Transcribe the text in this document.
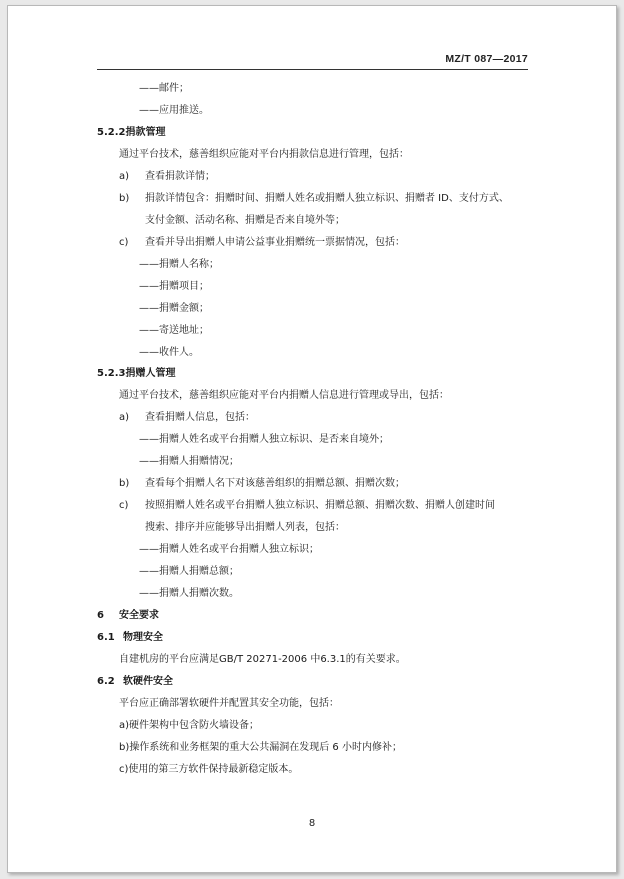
MZ/T 087—2017
——邮件；
——应用推送。
5.2.2捐款管理
通过平台技术，慈善组织应能对平台内捐款信息进行管理，包括：
a) 查看捐款详情；
b) 捐款详情包含：捐赠时间、捐赠人姓名或捐赠人独立标识、捐赠者 ID、支付方式、
支付金额、活动名称、捐赠是否来自境外等；
c) 查看并导出捐赠人申请公益事业捐赠统一票据情况，包括：
——捐赠人名称；
——捐赠项目；
——捐赠金额；
——寄送地址；
——收件人。
5.2.3捐赠人管理
通过平台技术，慈善组织应能对平台内捐赠人信息进行管理或导出，包括：
a) 查看捐赠人信息，包括：
——捐赠人姓名或平台捐赠人独立标识、是否来自境外；
——捐赠人捐赠情况；
b) 查看每个捐赠人名下对该慈善组织的捐赠总额、捐赠次数；
c) 按照捐赠人姓名或平台捐赠人独立标识、捐赠总额、捐赠次数、捐赠人创建时间
搜索、排序并应能够导出捐赠人列表，包括：
——捐赠人姓名或平台捐赠人独立标识；
——捐赠人捐赠总额；
——捐赠人捐赠次数。
6 安全要求
6.1 物理安全
自建机房的平台应满足GB/T 20271-2006 中6.3.1的有关要求。
6.2 软硬件安全
平台应正确部署软硬件并配置其安全功能，包括：
a)硬件架构中包含防火墙设备；
b)操作系统和业务框架的重大公共漏洞在发现后 6 小时内修补；
c)使用的第三方软件保持最新稳定版本。
8
